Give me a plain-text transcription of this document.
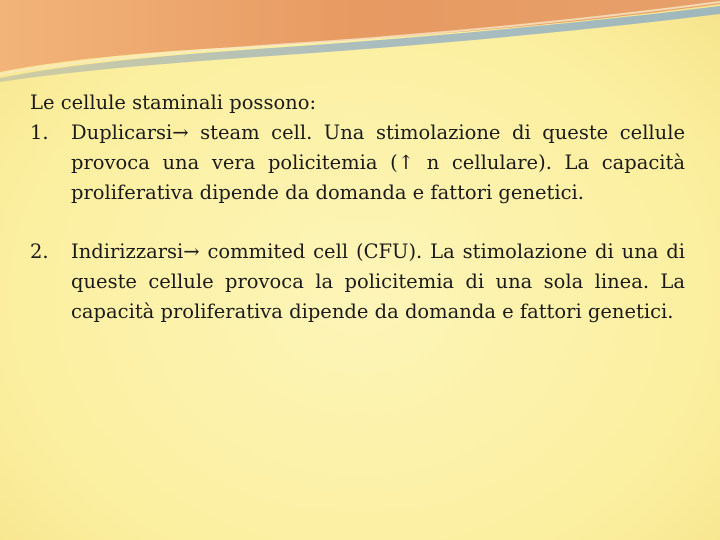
Le cellule staminali possono:
1. Duplicarsi→ steam cell. Una stimolazione di queste cellule provoca una vera policitemia (↑ n cellulare). La capacità proliferativa dipende da domanda e fattori genetici.
2. Indirizzarsi→ commited cell (CFU). La stimolazione di una di queste cellule provoca la policitemia di una sola linea. La capacità proliferativa dipende da domanda e fattori genetici.
